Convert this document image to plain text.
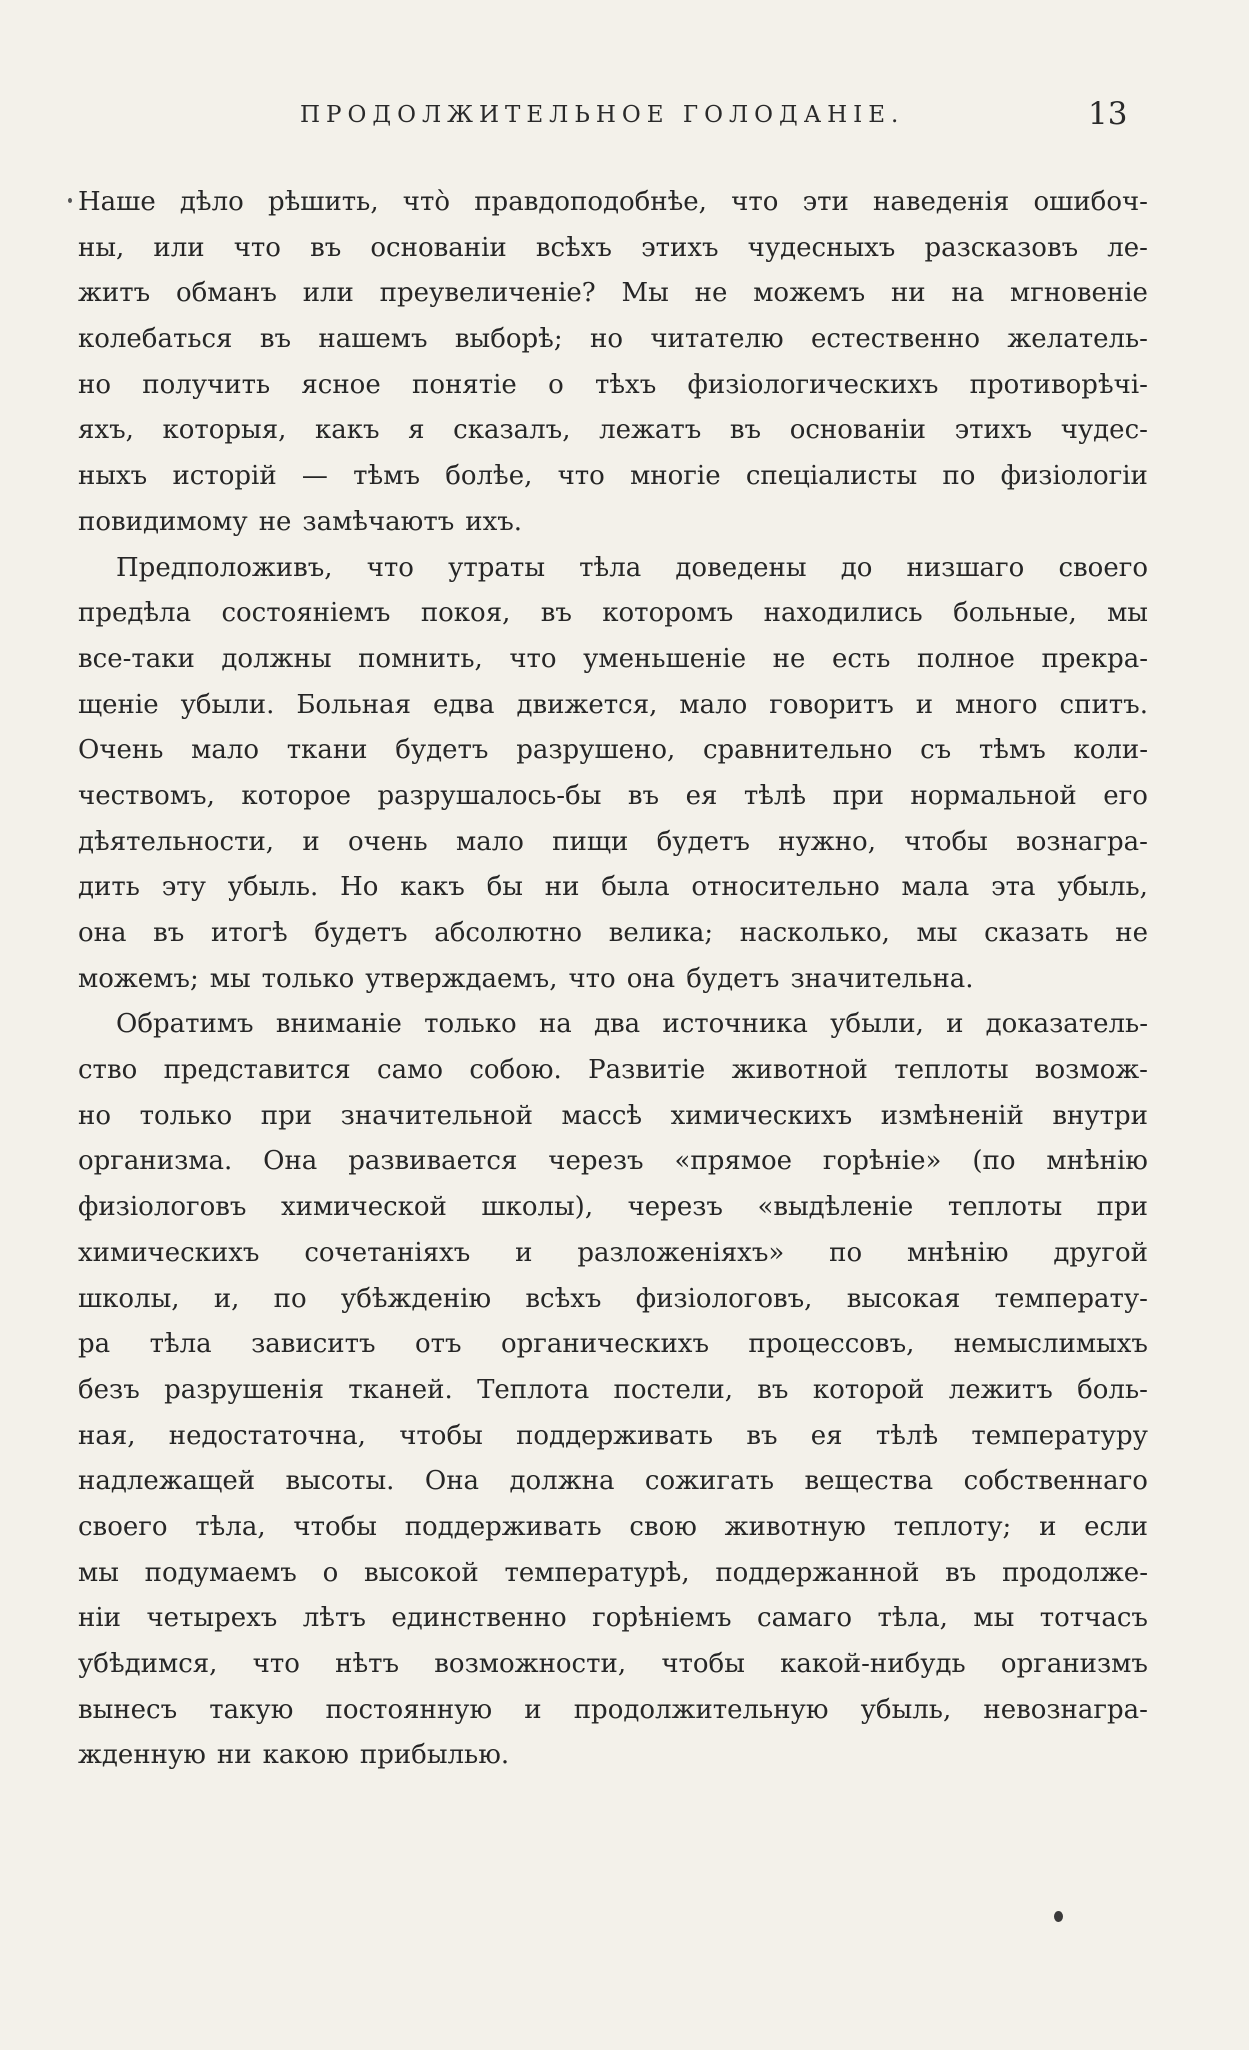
ПРОДОЛЖИТЕЛЬНОЕ ГОЛОДАНІЕ.	13
Наше дѣло рѣшить, чтò правдоподобнѣе, что эти наведенія ошибоч-
ны, или что въ основаніи всѣхъ этихъ чудесныхъ разсказовъ ле-
житъ обманъ или преувеличеніе? Мы не можемъ ни на мгновеніе
колебаться въ нашемъ выборѣ; но читателю естественно желатель-
но получить ясное понятіе о тѣхъ физіологическихъ противорѣчі-
яхъ, которыя, какъ я сказалъ, лежатъ въ основаніи этихъ чудес-
ныхъ исторій — тѣмъ болѣе, что многіе спеціалисты по физіологіи
повидимому не замѣчаютъ ихъ.
Предположивъ, что утраты тѣла доведены до низшаго своего
предѣла состояніемъ покоя, въ которомъ находились больные, мы
все-таки должны помнить, что уменьшеніе не есть полное прекра-
щеніе убыли. Больная едва движется, мало говоритъ и много спитъ.
Очень мало ткани будетъ разрушено, сравнительно съ тѣмъ коли-
чествомъ, которое разрушалось-бы въ ея тѣлѣ при нормальной его
дѣятельности, и очень мало пищи будетъ нужно, чтобы вознагра-
дить эту убыль. Но какъ бы ни была относительно мала эта убыль,
она въ итогѣ будетъ абсолютно велика; насколько, мы сказать не
можемъ; мы только утверждаемъ, что она будетъ значительна.
Обратимъ вниманіе только на два источника убыли, и доказатель-
ство представится само собою. Развитіе животной теплоты возмож-
но только при значительной массѣ химическихъ измѣненій внутри
организма. Она развивается черезъ «прямое горѣніе» (по мнѣнію
физіологовъ химической школы), черезъ «выдѣленіе теплоты при
химическихъ сочетаніяхъ и разложеніяхъ» по мнѣнію другой
школы, и, по убѣжденію всѣхъ физіологовъ, высокая температу-
ра тѣла зависитъ отъ органическихъ процессовъ, немыслимыхъ
безъ разрушенія тканей. Теплота постели, въ которой лежитъ боль-
ная, недостаточна, чтобы поддерживать въ ея тѣлѣ температуру
надлежащей высоты. Она должна сожигать вещества собственнаго
своего тѣла, чтобы поддерживать свою животную теплоту; и если
мы подумаемъ о высокой температурѣ, поддержанной въ продолже-
ніи четырехъ лѣтъ единственно горѣніемъ самаго тѣла, мы тотчасъ
убѣдимся, что нѣтъ возможности, чтобы какой-нибудь организмъ
вынесъ такую постоянную и продолжительную убыль, невознагра-
жденную ни какою прибылью.
